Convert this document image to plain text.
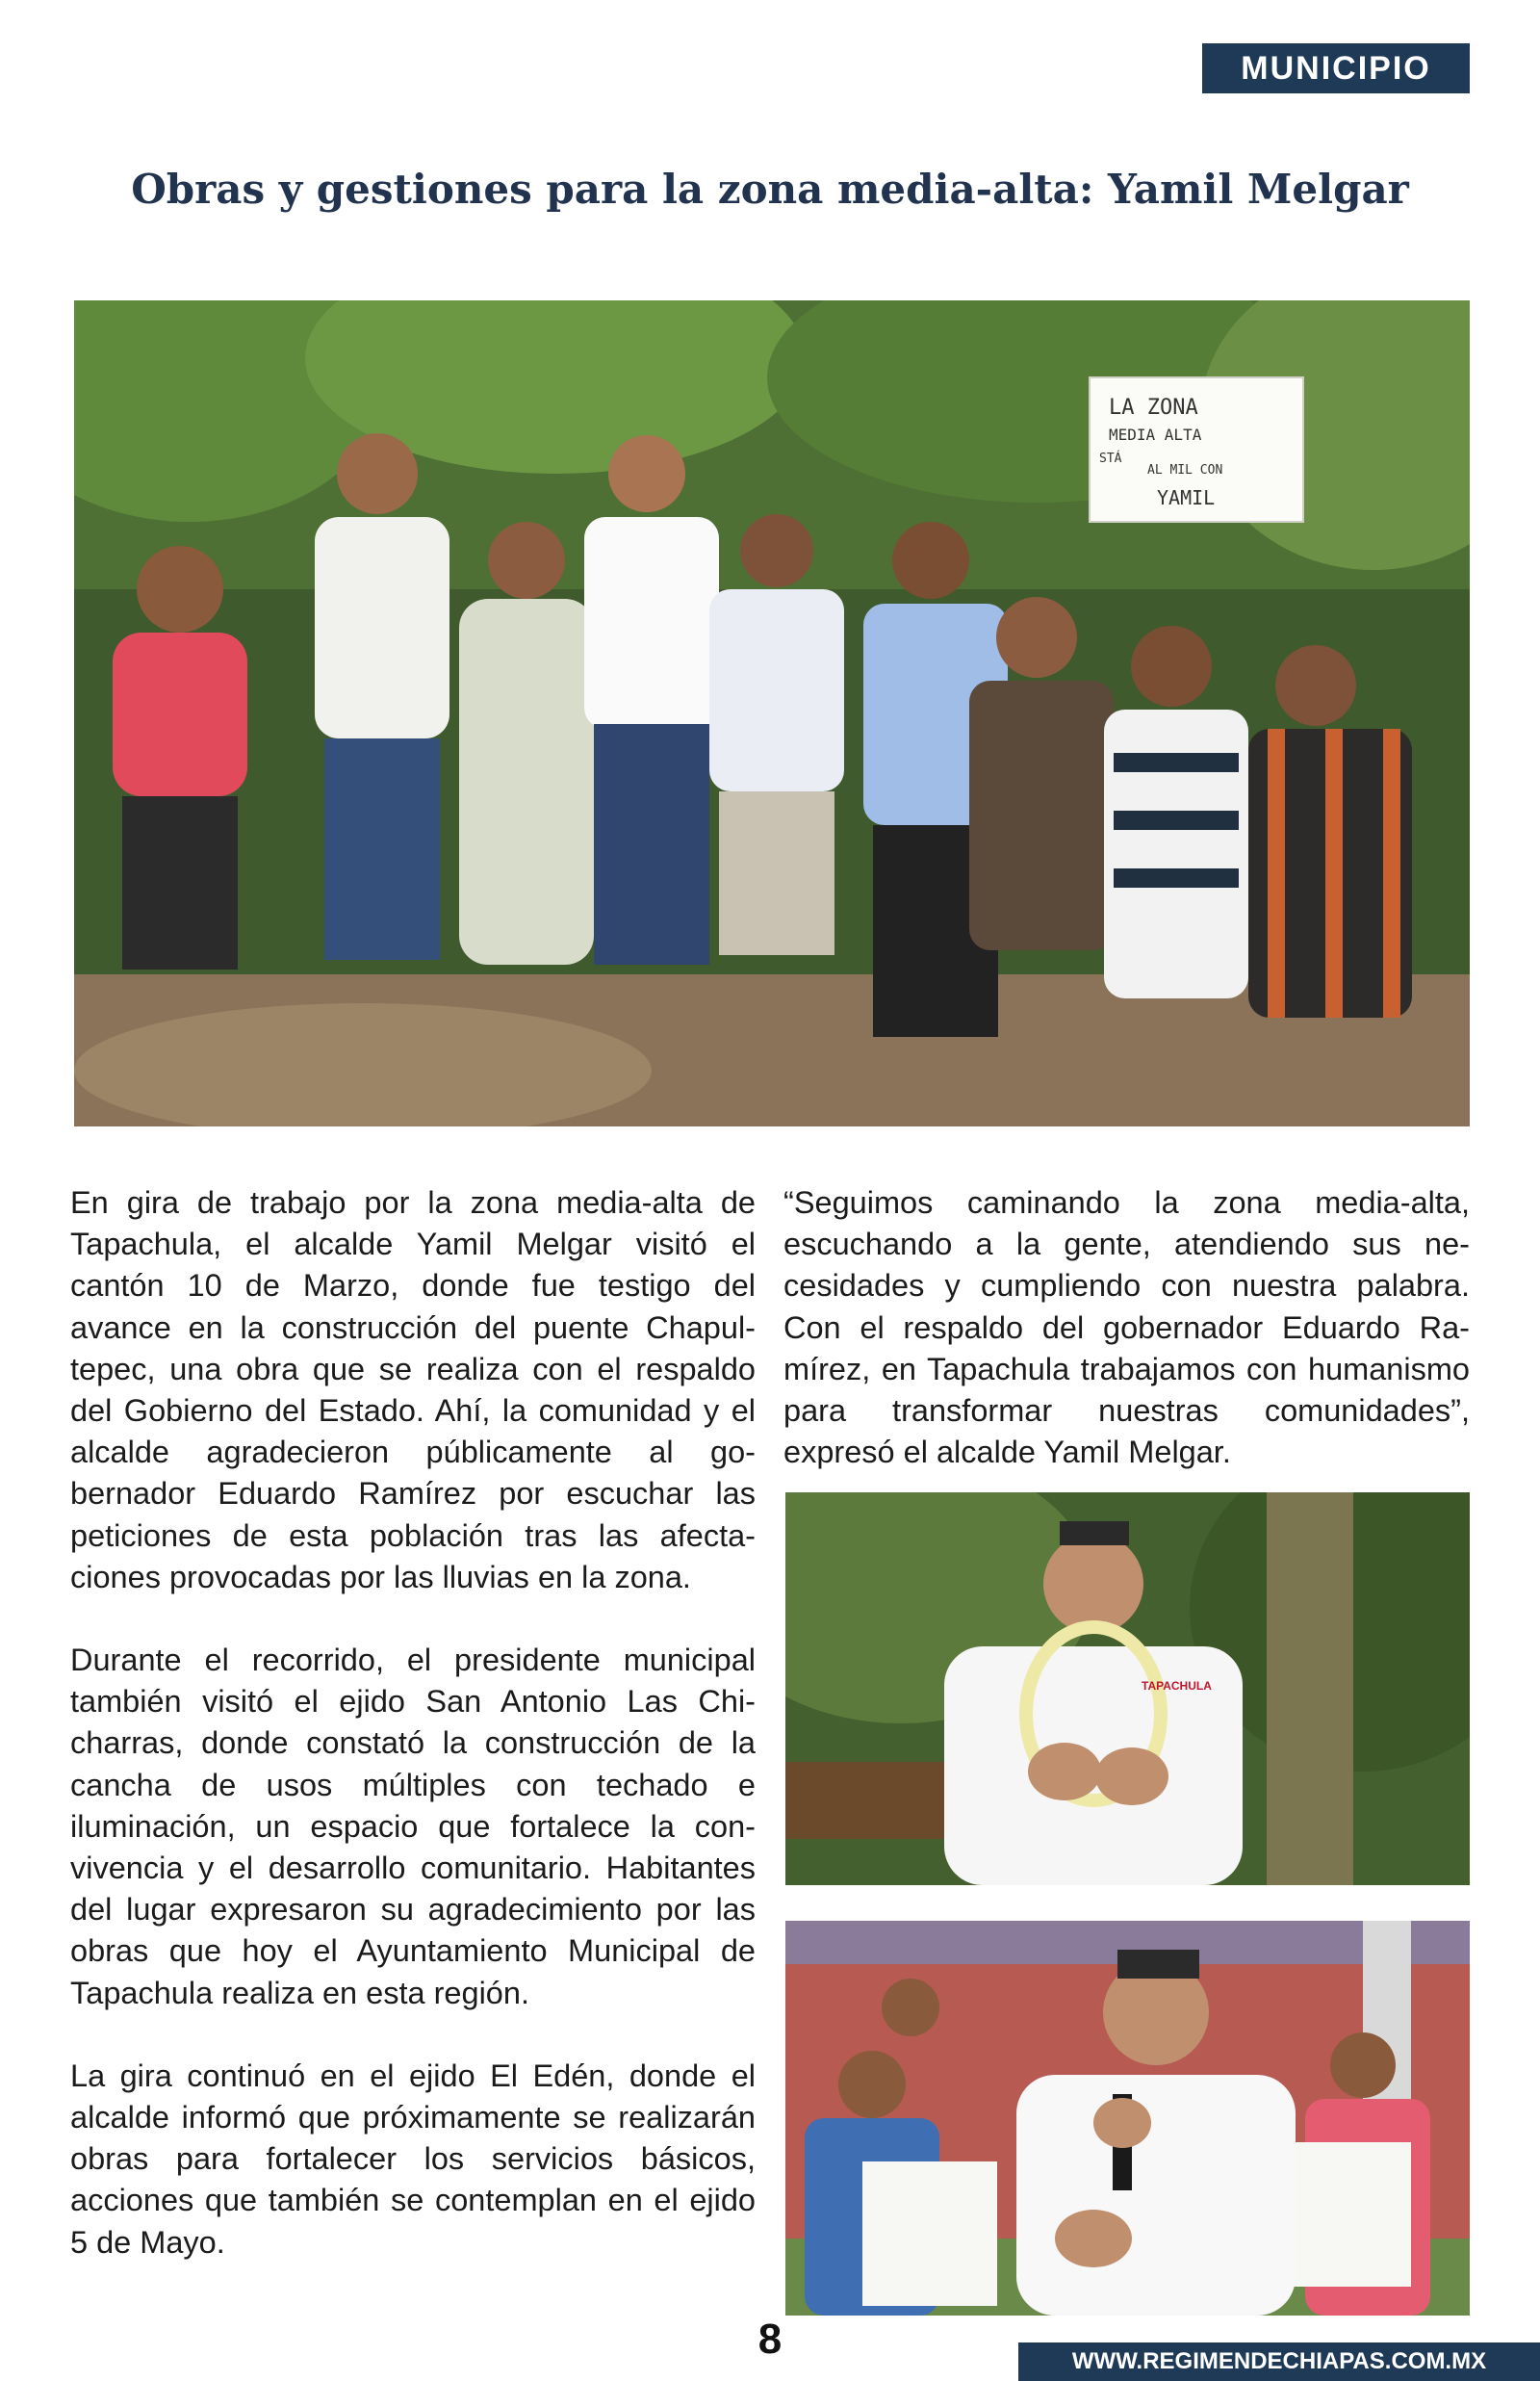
MUNICIPIO
Obras y gestiones para la zona media-alta: Yamil Melgar
LA ZONA
MEDIA ALTA
STÁ
AL MIL CON
YAMIL

En gira de trabajo por la zona media-alta de Tapachula, el alcalde Yamil Melgar visitó el cantón 10 de Marzo, donde fue testigo del avance en la construcción del puente Chapultepec, una obra que se realiza con el respaldo del Gobierno del Estado. Ahí, la comunidad y el alcalde agradecieron públicamente al gobernador Eduardo Ramírez por escuchar las peticiones de esta población tras las afectaciones provocadas por las lluvias en la zona.

Durante el recorrido, el presidente municipal también visitó el ejido San Antonio Las Chicharras, donde constató la construcción de la cancha de usos múltiples con techado e iluminación, un espacio que fortalece la convivencia y el desarrollo comunitario. Habitantes del lugar expresaron su agradecimiento por las obras que hoy el Ayuntamiento Municipal de Tapachula realiza en esta región.

La gira continuó en el ejido El Edén, donde el alcalde informó que próximamente se realizarán obras para fortalecer los servicios básicos, acciones que también se contemplan en el ejido 5 de Mayo.

“Seguimos caminando la zona media-alta, escuchando a la gente, atendiendo sus necesidades y cumpliendo con nuestra palabra. Con el respaldo del gobernador Eduardo Ramírez, en Tapachula trabajamos con humanismo para transformar nuestras comunidades”, expresó el alcalde Yamil Melgar.

TAPACHULA
8	WWW.REGIMENDECHIAPAS.COM.MX
